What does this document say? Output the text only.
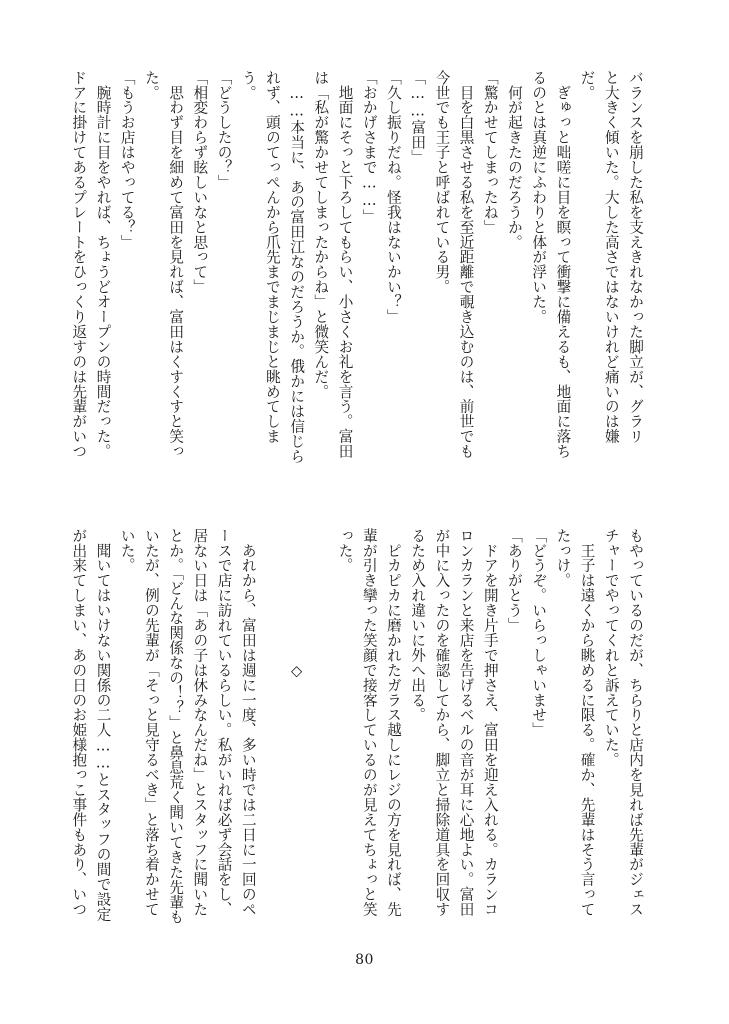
バランスを崩した私を支えきれなかった脚立が、グラリ
と大きく傾いた。大した高さではないけれど痛いのは嫌
だ。
　ぎゅっと咄嗟に目を瞑って衝撃に備えるも、地面に落ち
るのとは真逆にふわりと体が浮いた。
　何が起きたのだろうか。
「驚かせてしまったね」
　目を白黒させる私を至近距離で覗き込むのは、前世でも
今世でも王子と呼ばれている男。
「……富田」
「久し振りだね。怪我はないかい？」
「おかげさまで……」
　地面にそっと下ろしてもらい、小さくお礼を言う。富田
は「私が驚かせてしまったからね」と微笑んだ。
　……本当に、あの富田江なのだろうか。俄かには信じら
れず、頭のてっぺんから爪先までまじまじと眺めてしま
う。
「どうしたの？」
「相変わらず眩しいなと思って」
　思わず目を細めて富田を見れば、富田はくすくすと笑っ
た。
「もうお店はやってる？」
　腕時計に目をやれば、ちょうどオープンの時間だった。
ドアに掛けてあるプレートをひっくり返すのは先輩がいつ
もやっているのだが、ちらりと店内を見れば先輩がジェス
チャーでやってくれと訴えていた。
　王子は遠くから眺めるに限る。確か、先輩はそう言って
たっけ。
「どうぞ。いらっしゃいませ」
「ありがとう」
　ドアを開き片手で押さえ、富田を迎え入れる。カランコ
ロンカランと来店を告げるベルの音が耳に心地よい。富田
が中に入ったのを確認してから、脚立と掃除道具を回収す
るため入れ違いに外へ出る。
　ピカピカに磨かれたガラス越しにレジの方を見れば、先
輩が引き攣った笑顔で接客しているのが見えてちょっと笑
った。

　　　　　　　　　◇

　あれから、富田は週に一度、多い時では二日に一回のペ
ースで店に訪れているらしい。私がいれば必ず会話をし、
居ない日は「あの子は休みなんだね」とスタッフに聞いた
とか。「どんな関係なの！？」と鼻息荒く聞いてきた先輩も
いたが、例の先輩が「そっと見守るべき」と落ち着かせて
いた。
　聞いてはいけない関係の二人……とスタッフの間で設定
が出来てしまい、あの日のお姫様抱っこ事件もあり、いつ
80
